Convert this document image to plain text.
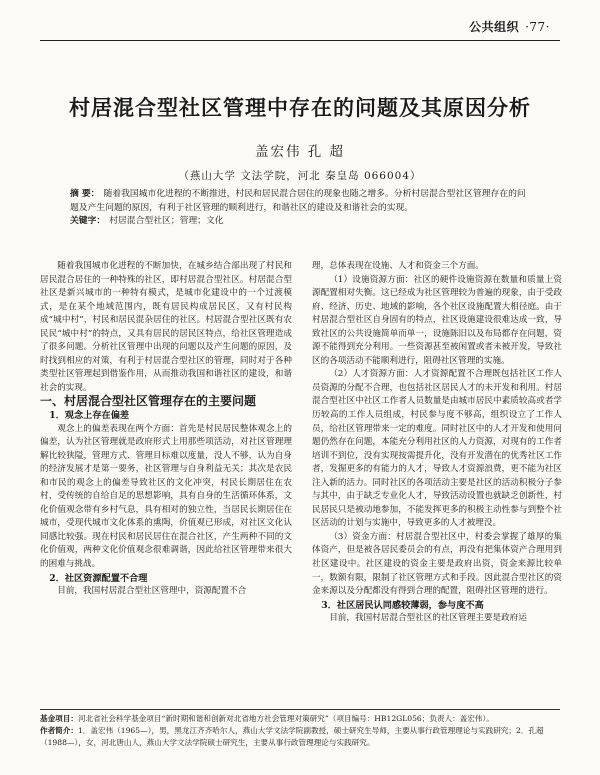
公共组织 ·77·
村居混合型社区管理中存在的问题及其原因分析
盖宏伟 孔 超
（燕山大学 文法学院，河北 秦皇岛 066004）

摘 要： 随着我国城市化进程的不断推进，村民和居民混合居住的现象也随之增多。分析村居混合型社区管理存在的问题及产生问题的原因，有利于社区管理的顺利进行，和谐社区的建设及和谐社会的实现。

关键字： 村居混合型社区；管理；文化

随着我国城市化进程的不断加快，在城乡结合部出现了村民和居民混合居住的一种特殊的社区，即村居混合型社区。村居混合型社区是新兴城市的一种特有模式，是城市化建设中的一个过渡模式，是在某个地域范围内，既有居民构成居民区，又有村民构成“城中村”，村民和居民混杂居住的社区。村居混合型社区既有农民民“城中村”的特点，又具有居民的居民区特点，给社区管理造成了很多问题。分析社区管理中出现的问题以及产生问题的原因，及时找到相应的对策，有利于村居混合型社区的管理，同时对于各种类型社区管理起到借鉴作用，从而推动我国和谐社区的建设，和谐社会的实现。

一、村居混合型社区管理存在的主要问题

1．观念上存在偏差

观念上的偏差表现在两个方面：首先是村民居民整体观念上的偏差，认为社区管理就是政府形式上用那些项活动，对社区管理理解比较狭隘，管理方式、管理目标难以度量，没人不够，认为自身的经济发展才是第一要务，社区管理与自身利益无关；其次是农民和市民的观念上的偏差导致社区的文化冲突，村民长期居住在农村，受传统的自给自足的思想影响，具有自身的生活循环体系，文化价值观念带有乡村气息，具有相对的独立性，当居民长期居住在城市，受现代城市文化体系的熏陶，价值观已形成，对社区文化认同感比较强。现在村民和居民居住在混合社区，产生两种不同的文化价值观，两种文化价值观念很难调谐，因此给社区管理带来很大的困难与挑战。

2．社区资源配置不合理

目前，我国村居混合型社区管理中，资源配置不合

理，总体表现在设施、人才和资金三个方面。

（1）设施资源方面：社区的硬件设施资源在数量和质量上资源配置相对失衡。这已经成为社区管理较为普遍的现象，由于受政府、经济、历史、地域的影响，各个社区设施配置大相径庭。由于村居混合型社区自身固有的特点，社区设施建设很难达成一致，导致社区的公共设施简单而单一，设施陈旧以及布局都存在问题，资源不能得到充分利用。一些资源甚至被闲置或者未被开发，导致社区的各项活动不能顺利进行，阻碍社区管理的实施。

（2）人才资源方面：人才资源配置不合理既包括社区工作人员资源的分配不合理，也包括社区居民人才的未开发和利用。村居混合型社区中社区工作者人员数量是由城市居民中素质较高或者学历较高的工作人员组成，村民参与度不够高，组织设立了工作人员，给社区管理带来一定的难度。同时社区中的人才开发和使用问题仍然存在问题，本能充分利用社区的人力资源，对现有的工作者培训不到位，没有实现按需提升化，没有开发潜在的优秀社区工作者，发掘更多的有能力的人才，导致人才资源浪费，更不能为社区注入新的活力。同时社区的各项活动主要是社区的活动积极分子参与其中，由于缺乏专业化人才，导致活动设置也就缺乏创新性，村民居民只是被动地参加，不能发挥更多的积极主动性参与到整个社区活动的计划与实施中，导致更多的人才被埋没。

（3）资金方面：村居混合型社区中，村委会掌握了雄厚的集体资产，但是被各居民委员会的有点，再没有把集体资产合理用到社区建设中。社区建设的资金主要是政府出资，资金来源比较单一，数额有限，限制了社区管理方式和手段。因此混合型社区的资金来源以及分配都没有得到合理的配置，阻碍社区管理的进行。

3．社区居民认同感较薄弱，参与度不高

目前，我国村居混合型社区的社区管理主要是政府运

基金项目：河北省社会科学基金项目“新时期和谐和创新对北省地方社会管理对策研究”（项目编号：HB12GL056；负责人：盖宏伟）。

作者简介：1．盖宏伟（1965—），男，黑龙江齐齐哈尔人，燕山大学文法学院副教授，硕士研究生导师，主要从事行政管理理论与实践研究；2．孔超（1988—），女，河北唐山人，燕山大学文法学院硕士研究生，主要从事行政管理理论与实践研究。
